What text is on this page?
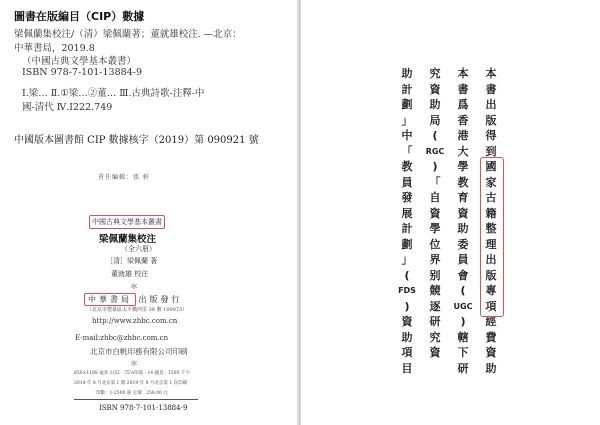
圖書在版編目（CIP）數據
梁佩蘭集校注/（清）梁佩蘭著；董就雄校注. —北京：
中華書局，2019.8
（中國古典文學基本叢書）
ISBN 978-7-101-13884-9
Ⅰ.梁… Ⅱ.①梁…②董… Ⅲ.古典詩歌-注釋-中
國-清代 Ⅳ.I222.749
中國版本圖書館 CIP 數據核字（2019）第 090921 號
責任編輯：張 軒
中國古典文學基本叢書
梁佩蘭集校注
（全六册）
［清］梁佩蘭 著
董就雄 校注
＊
中華書局 出版發行
（北京市豐臺區太平橋西里 38 號 100073）
http://www.zhbc.com.cn
E-mail:zhbc@zhbc.com.cn
北京市白帆印務有限公司印刷
＊
850×1168 毫米 1/32 · 75⅝印張 · 14 插頁 · 1500 千字
2019 年 8 月北京第 1 版 2019 年 8 月北京第 1 次印刷
印數：1-2500 册 定價：258.00 元
ISBN 978-7-101-13884-9
本
書
出
版
得
到
國
家
古
籍
整
理
出
版
專
項
經
費
資
助
本
書
爲
香
港
大
學
教
育
資
助
委
員
會
(
UGC
)
轄
下
研
究
資
助
局
(
RGC
)
「
自
資
學
位
界
别
競
逐
研
究
資
助
計
劃
」
中
「
教
員
發
展
計
劃
」
(
FDS
)
資
助
項
目
